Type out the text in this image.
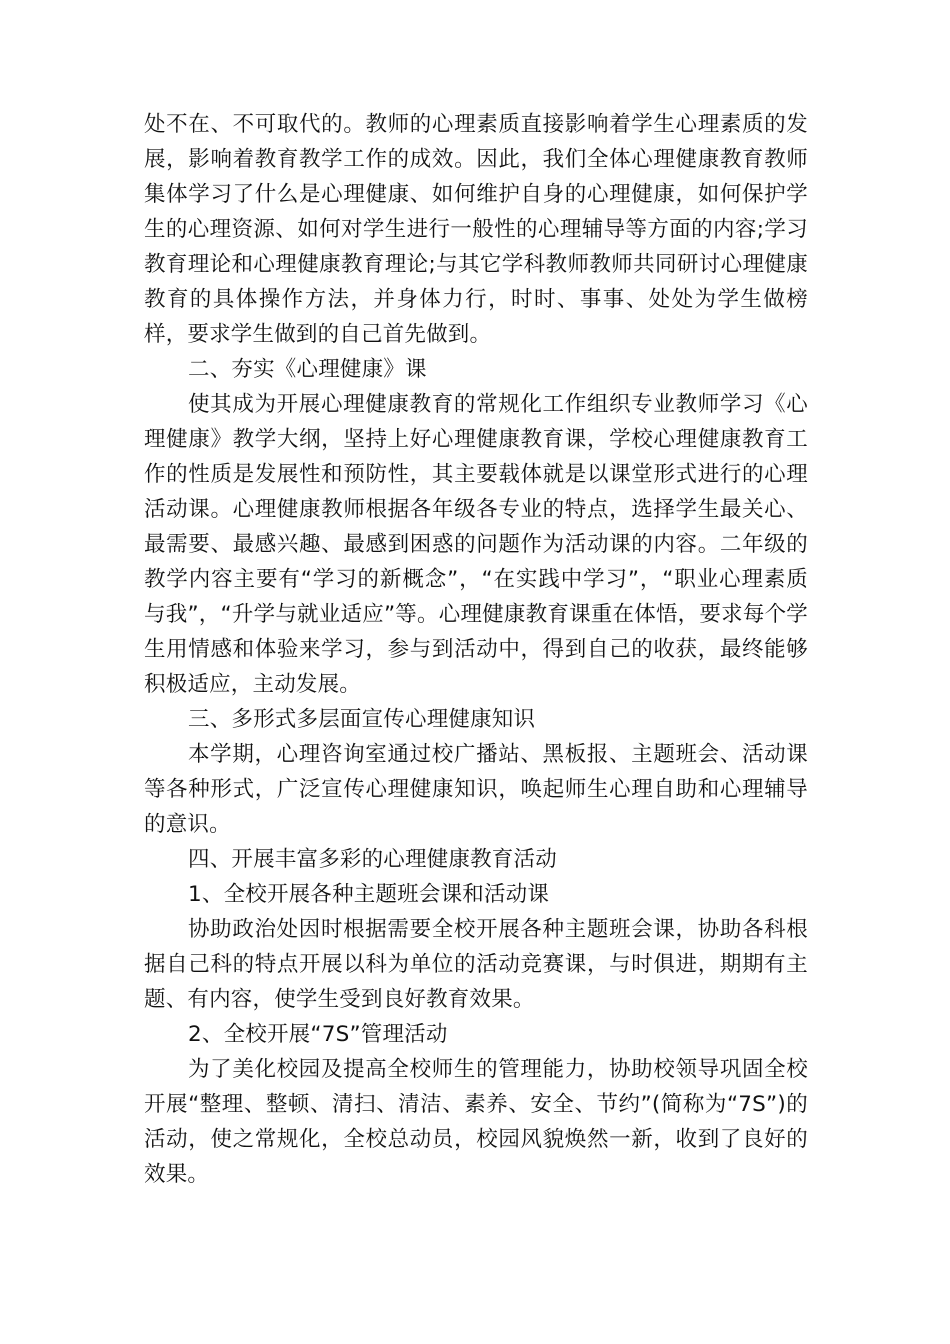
处不在、不可取代的。教师的心理素质直接影响着学生心理素质的发展，影响着教育教学工作的成效。因此，我们全体心理健康教育教师集体学习了什么是心理健康、如何维护自身的心理健康，如何保护学生的心理资源、如何对学生进行一般性的心理辅导等方面的内容;学习教育理论和心理健康教育理论;与其它学科教师教师共同研讨心理健康教育的具体操作方法，并身体力行，时时、事事、处处为学生做榜样，要求学生做到的自己首先做到。

二、夯实《心理健康》课

使其成为开展心理健康教育的常规化工作组织专业教师学习《心理健康》教学大纲，坚持上好心理健康教育课，学校心理健康教育工作的性质是发展性和预防性，其主要载体就是以课堂形式进行的心理活动课。心理健康教师根据各年级各专业的特点，选择学生最关心、最需要、最感兴趣、最感到困惑的问题作为活动课的内容。二年级的教学内容主要有“学习的新概念”，“在实践中学习”，“职业心理素质与我”，“升学与就业适应”等。心理健康教育课重在体悟，要求每个学生用情感和体验来学习，参与到活动中，得到自己的收获，最终能够积极适应，主动发展。

三、多形式多层面宣传心理健康知识

本学期，心理咨询室通过校广播站、黑板报、主题班会、活动课等各种形式，广泛宣传心理健康知识，唤起师生心理自助和心理辅导的意识。

四、开展丰富多彩的心理健康教育活动

1、全校开展各种主题班会课和活动课

协助政治处因时根据需要全校开展各种主题班会课，协助各科根据自己科的特点开展以科为单位的活动竞赛课，与时俱进，期期有主题、有内容，使学生受到良好教育效果。

2、全校开展“7S”管理活动

为了美化校园及提高全校师生的管理能力，协助校领导巩固全校开展“整理、整顿、清扫、清洁、素养、安全、节约”(简称为“7S”)的活动，使之常规化，全校总动员，校园风貌焕然一新，收到了良好的效果。
